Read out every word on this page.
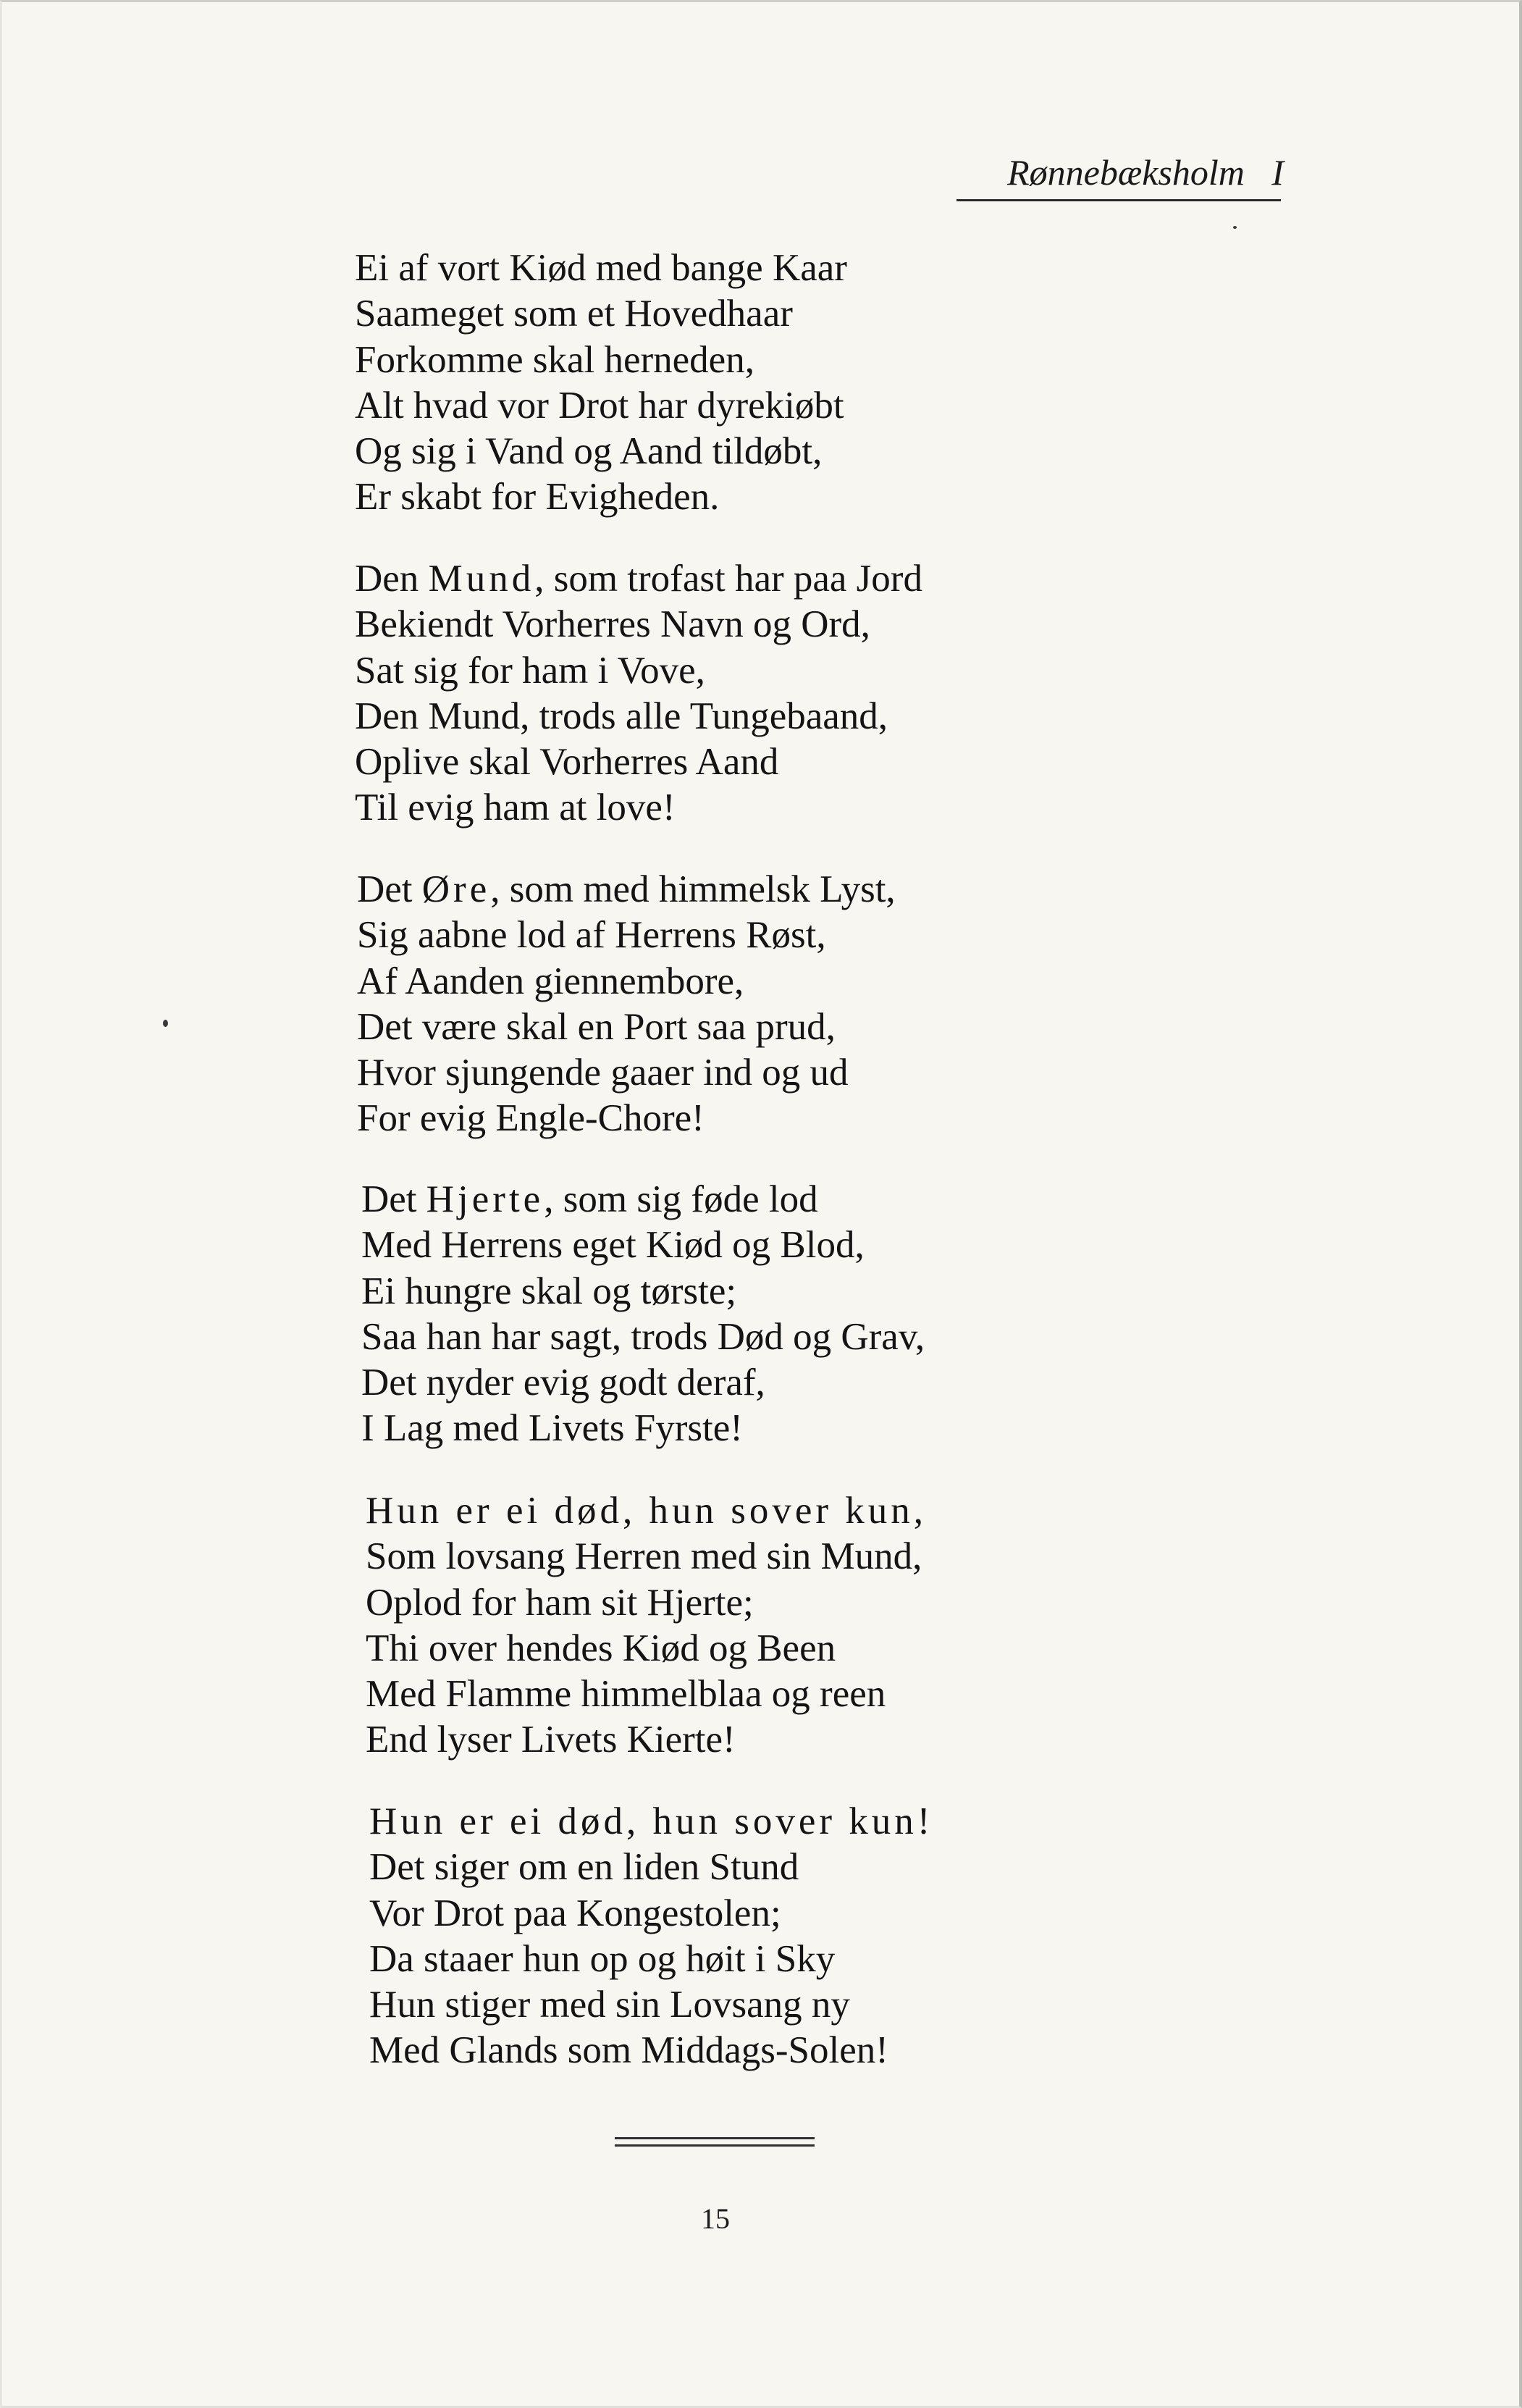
Rønnebæksholm I
Ei af vort Kiød med bange Kaar
Saameget som et Hovedhaar
Forkomme skal herneden,
Alt hvad vor Drot har dyrekiøbt
Og sig i Vand og Aand tildøbt,
Er skabt for Evigheden.
Den Mund, som trofast har paa Jord
Bekiendt Vorherres Navn og Ord,
Sat sig for ham i Vove,
Den Mund, trods alle Tungebaand,
Oplive skal Vorherres Aand
Til evig ham at love!
Det Øre, som med himmelsk Lyst,
Sig aabne lod af Herrens Røst,
Af Aanden giennembore,
Det være skal en Port saa prud,
Hvor sjungende gaaer ind og ud
For evig Engle-Chore!
Det Hjerte, som sig føde lod
Med Herrens eget Kiød og Blod,
Ei hungre skal og tørste;
Saa han har sagt, trods Død og Grav,
Det nyder evig godt deraf,
I Lag med Livets Fyrste!
Hun er ei død, hun sover kun,
Som lovsang Herren med sin Mund,
Oplod for ham sit Hjerte;
Thi over hendes Kiød og Been
Med Flamme himmelblaa og reen
End lyser Livets Kierte!
Hun er ei død, hun sover kun!
Det siger om en liden Stund
Vor Drot paa Kongestolen;
Da staaer hun op og høit i Sky
Hun stiger med sin Lovsang ny
Med Glands som Middags-Solen!
15
